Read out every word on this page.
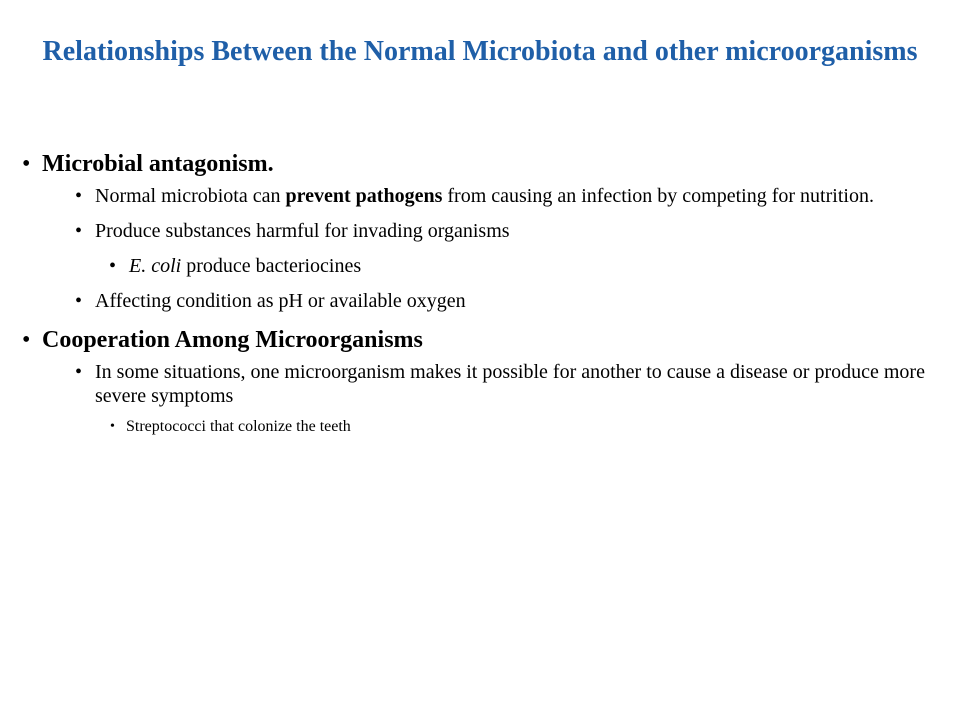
Relationships Between the Normal Microbiota and other microorganisms
• Microbial antagonism.
• Normal microbiota can prevent pathogens from causing an infection by competing for nutrition.
• Produce substances harmful for invading organisms
• E. coli produce bacteriocines
• Affecting condition as pH or available oxygen
• Cooperation Among Microorganisms
• In some situations, one microorganism makes it possible for another to cause a disease or produce more severe symptoms
• Streptococci that colonize the teeth
